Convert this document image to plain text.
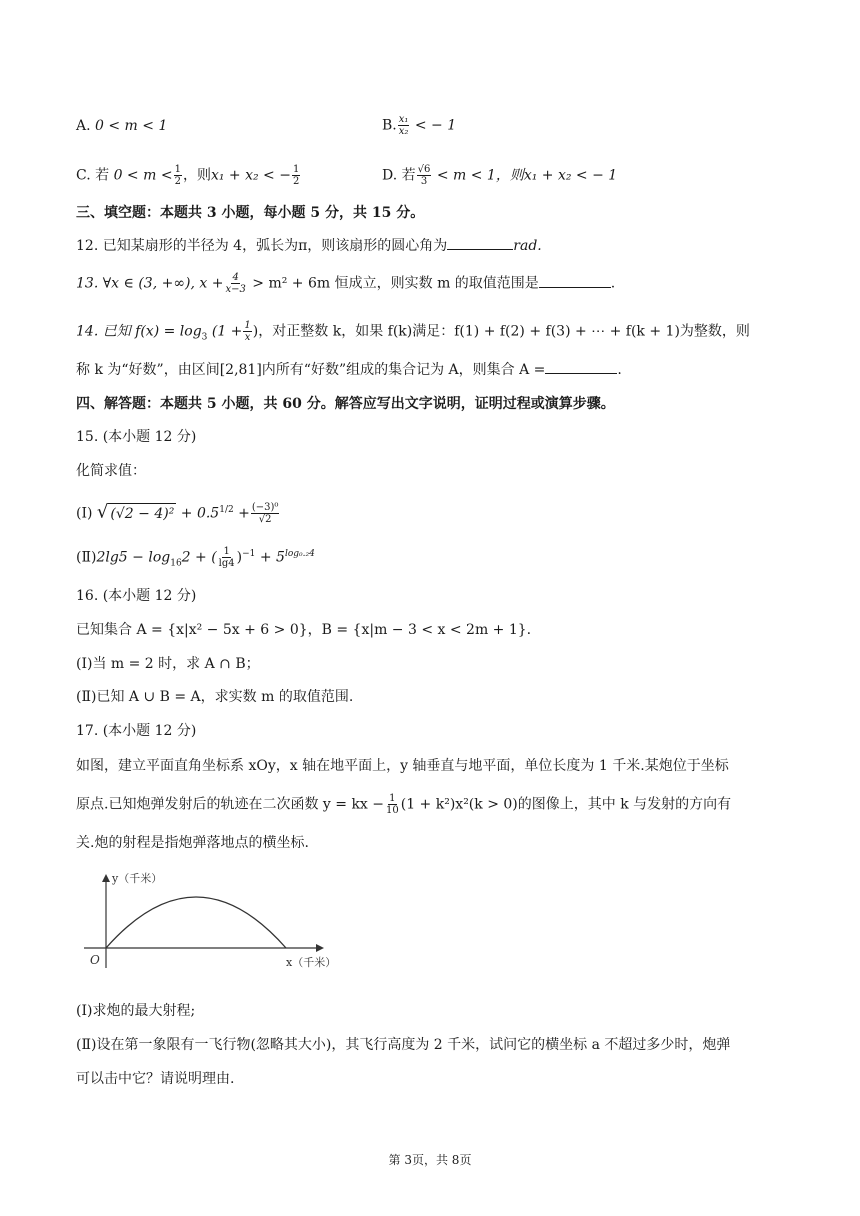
A. 0 < m < 1	B. $\frac{\text{x₁}}{\text{x₂}}$ < − 1
C. 若 $0 < m < \frac{1}{2}$ ，则x₁ + x₂ < − $\frac{1}{2}$	D. 若 $\frac{√6}{3} < m < 1$，则x₁ + x₂ < − 1
三、填空题：本题共 3 小题，每小题 5 分，共 15 分。
12. 已知某扇形的半径为 4，弧长为π，则该扇形的圆心角为	rad.
13. ∀x ∈ (3, +∞), $x + \frac{4}{x-3} > m^2 + 6m$ 恒成立，则实数 m 的取值范围是	.
14. 已知 $f(x) = \log_3 (1 + \frac{1}{x}$ )，对正整数 k，如果 f(k)满足：f(1) + f(2) + f(3) + ⋯ + f(k + 1)为整数，则
称 k 为“好数”，由区间[2,81]内所有“好数”组成的集合记为 A，则集合 A =	.
四、解答题：本题共 5 小题，共 60 分。解答应写出文字说明，证明过程或演算步骤。
15. (本小题 12 分)
化简求值：
(Ⅰ) √ $(√2 - 4)^2 + 0.5^{1/2} + \frac{\text{(−3)⁰}}{√2}$
(Ⅱ)2lg5 − $\log_{16}2$ + ( $\frac{1}{\lg 4} )^{-1} + 5^{log_0._24}$
16. (本小题 12 分)
已知集合 A = {x|x² − 5x + 6 > 0}，B = {x|m − 3 < x < 2m + 1}.
(Ⅰ)当 m = 2 时，求 A ∩ B；
(Ⅱ)已知 A ∪ B = A，求实数 m 的取值范围.
17. (本小题 12 分)
如图，建立平面直角坐标系 xOy，x 轴在地平面上，y 轴垂直与地平面，单位长度为 1 千米.某炮位于坐标
原点.已知炮弹发射后的轨迹在二次函数 y = kx − $\frac{1}{10} (1 + k^2)x^2(k > 0)$的图像上，其中 k 与发射的方向有
关.炮的射程是指炮弹落地点的横坐标.
y（千米）
x（千米）
O
(Ⅰ)求炮的最大射程;
(Ⅱ)设在第一象限有一飞行物(忽略其大小)，其飞行高度为 2 千米，试问它的横坐标 a 不超过多少时，炮弹
可以击中它？请说明理由.
第 3页，共 8页
